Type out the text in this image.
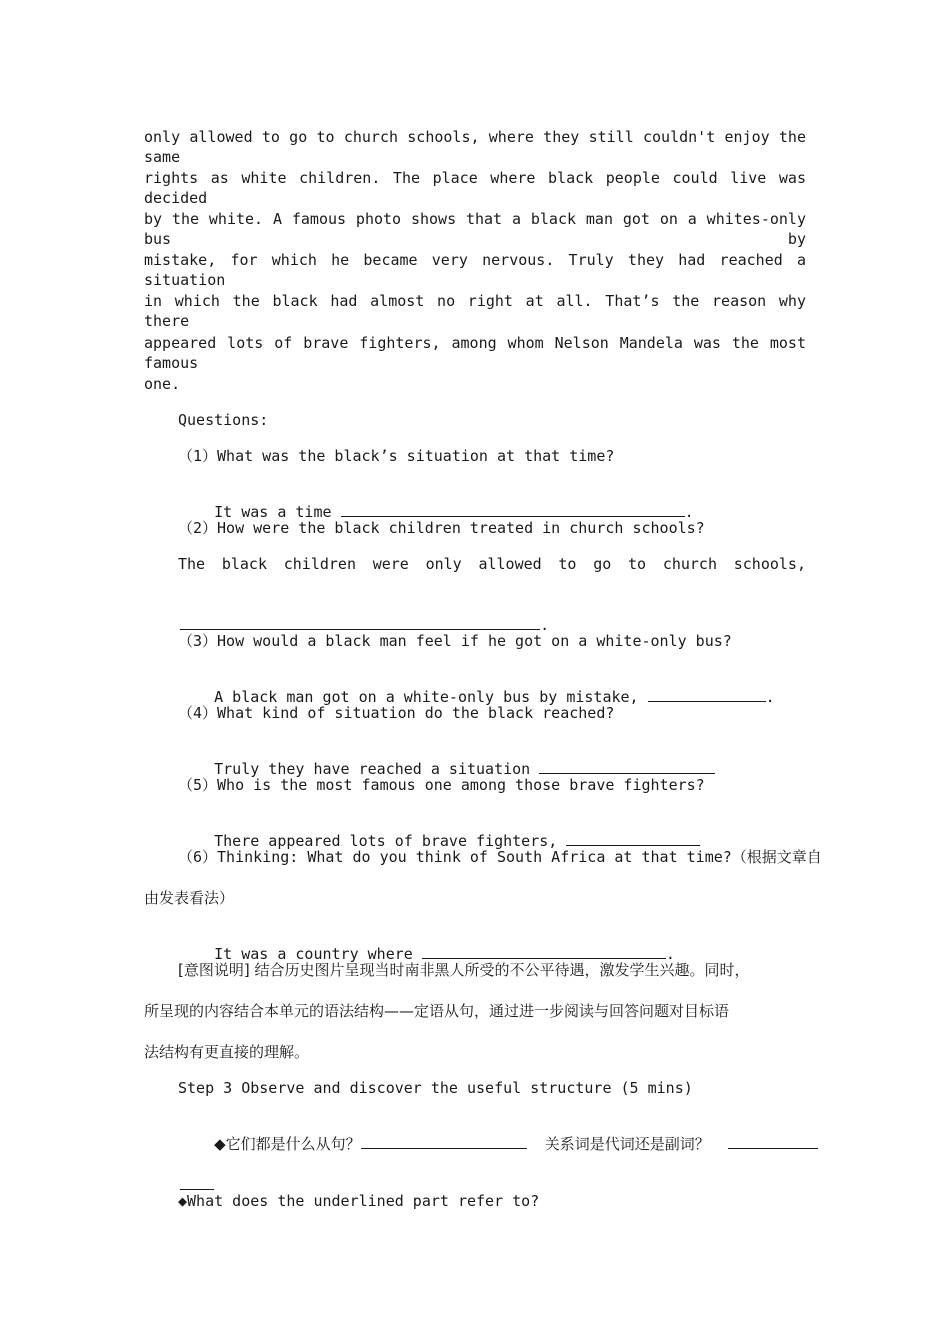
only allowed to go to church schools, where they still couldn't enjoy the same
rights as white children. The place where black people could live was decided
by the white. A famous photo shows that a black man got on a whites-only bus by
mistake, for which he became very nervous. Truly they had reached a situation
in which the black had almost no right at all. That’s the reason why there
appeared lots of brave fighters, among whom Nelson Mandela was the most famous
one.
Questions:
（1）What was the black’s situation at that time?

It was a time	.

（2）How were the black children treated in church schools?
The black children were only allowed to go to church schools,

.

（3）How would a black man feel if he got on a white-only bus?

A black man got on a white-only bus by mistake,	.

（4）What kind of situation do the black reached?

Truly they have reached a situation

（5）Who is the most famous one among those brave fighters?

There appeared lots of brave fighters,

（6）Thinking: What do you think of South Africa at that time?（根据文章自
由发表看法）

It was a country where	.

[意图说明] 结合历史图片呈现当时南非黑人所受的不公平待遇，激发学生兴趣。同时，
所呈现的内容结合本单元的语法结构——定语从句，通过进一步阅读与回答问题对目标语
法结构有更直接的理解。
Step 3 Observe and discover the useful structure (5 mins)

◆它们都是什么从句？	关系词是代词还是副词？

◆What does the underlined part refer to?
